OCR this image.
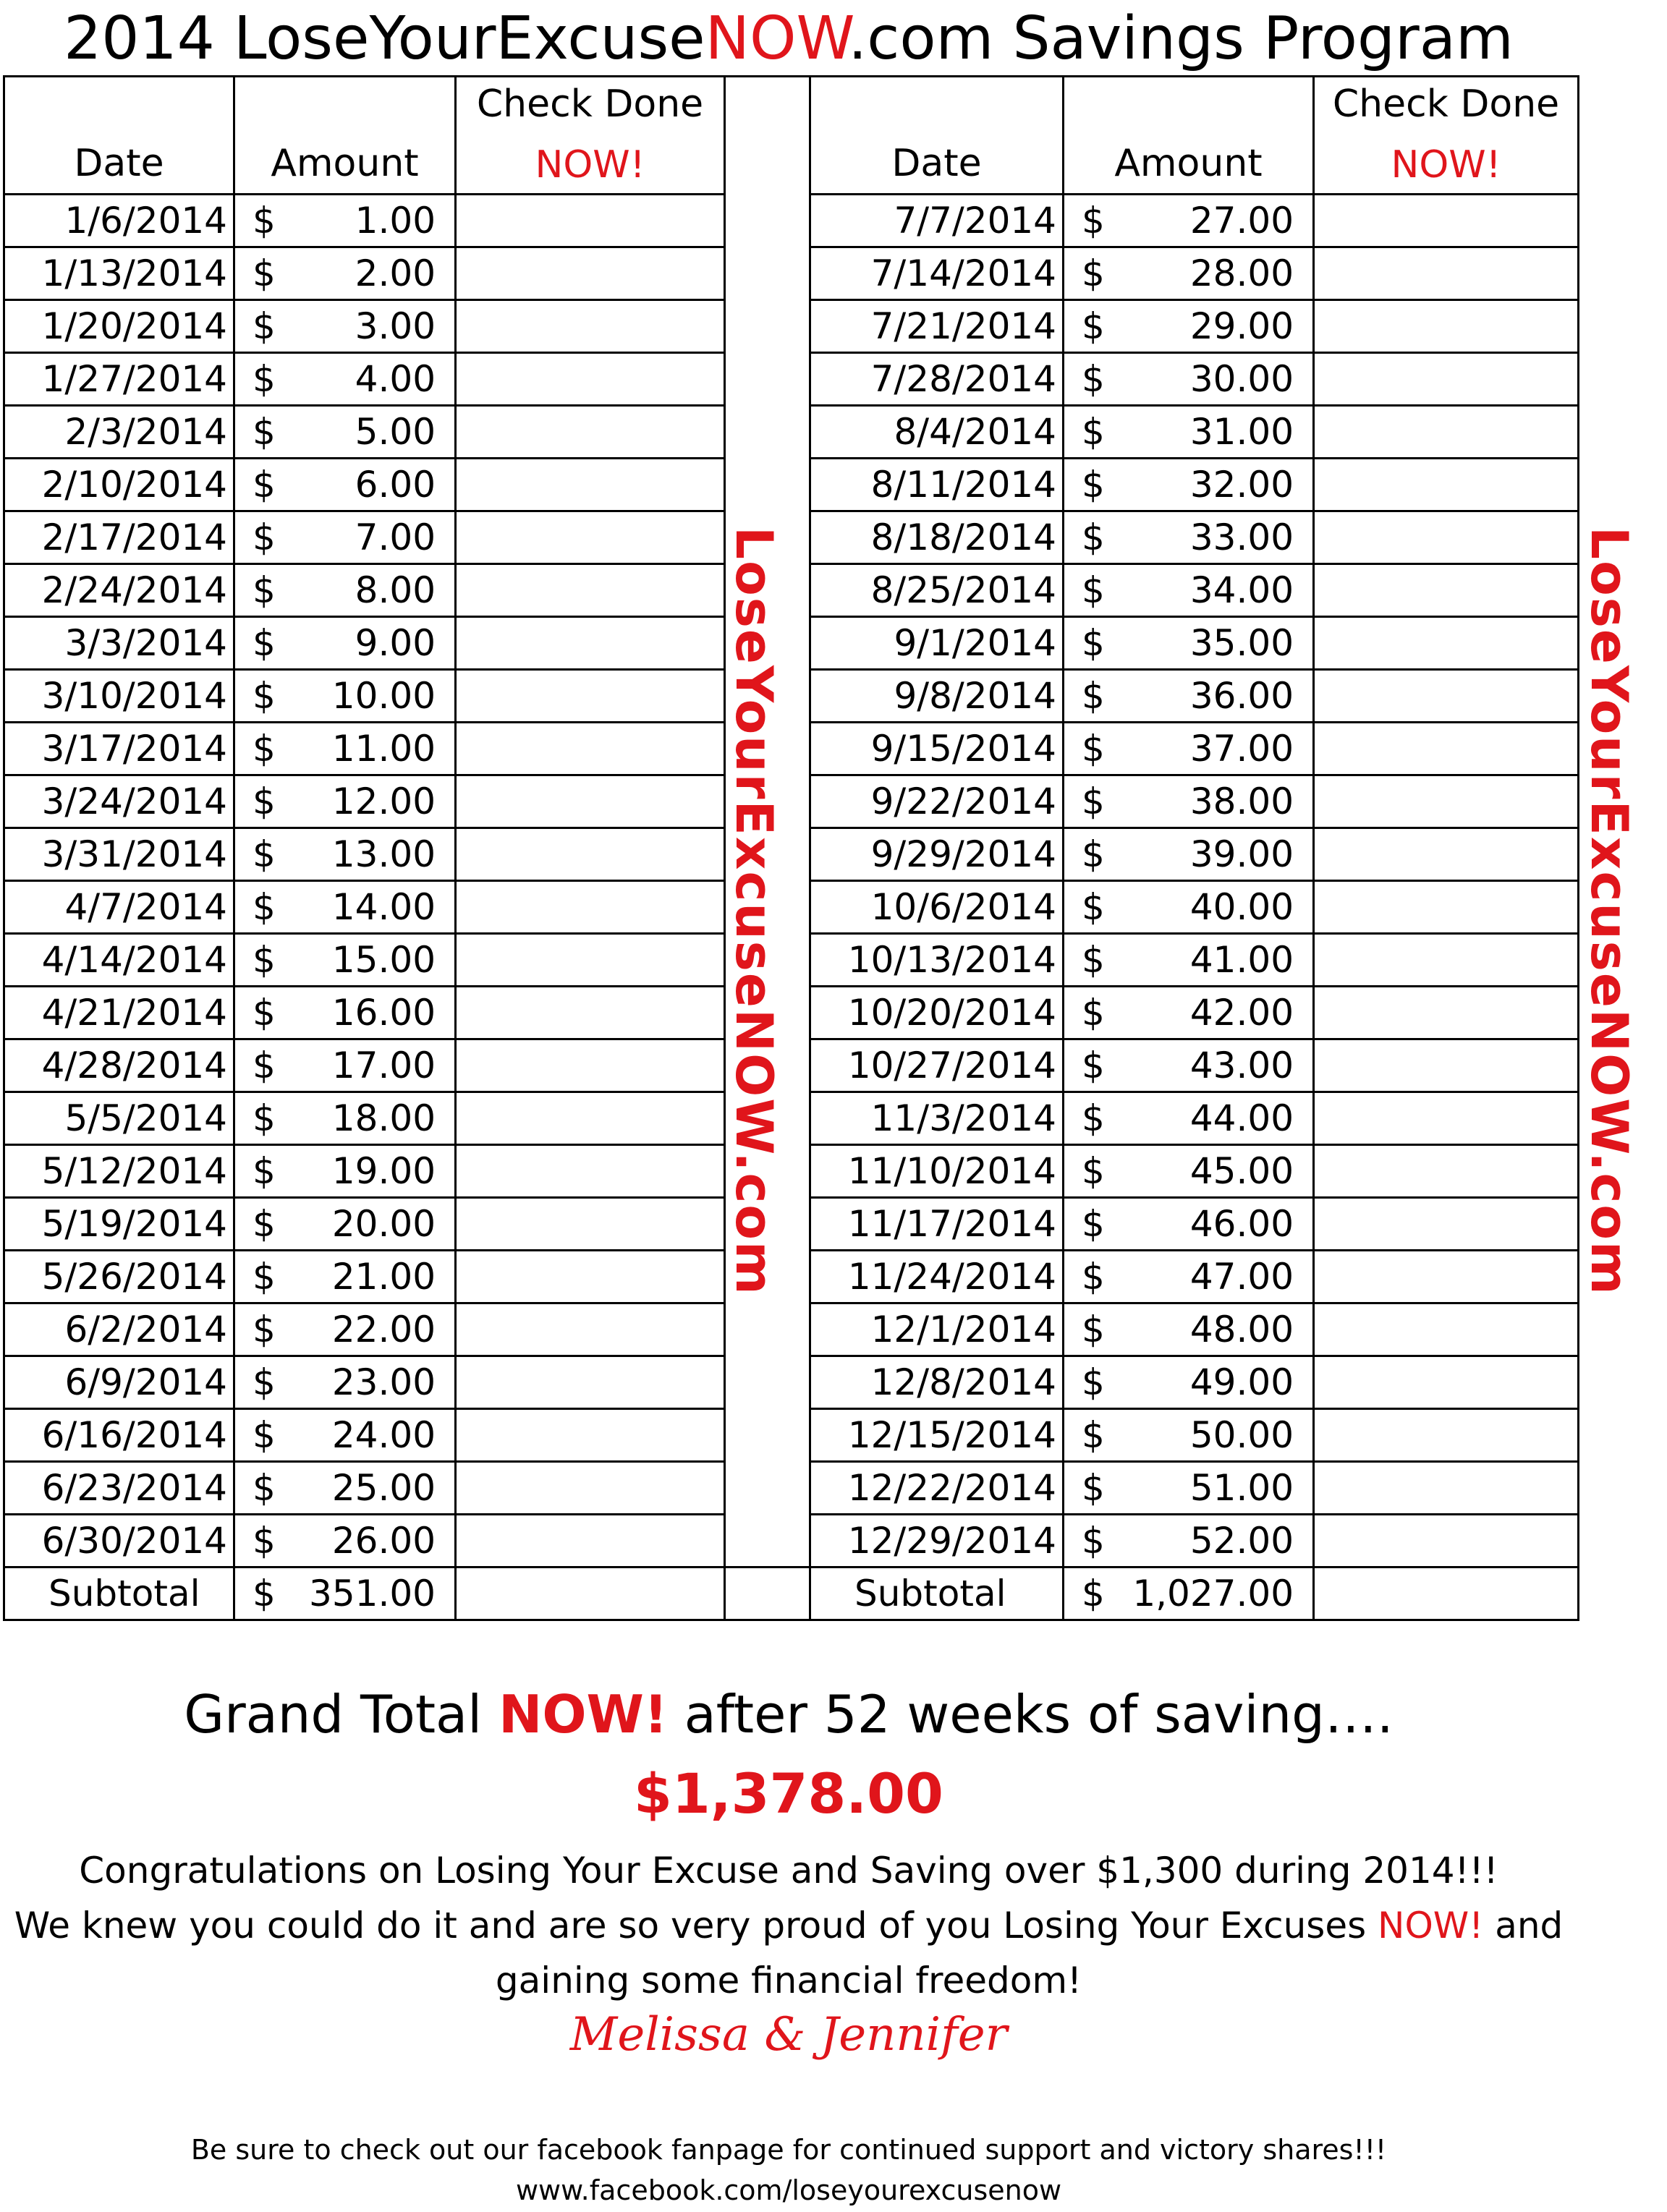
2014 LoseYourExcuseNOW.com Savings Program
Date	Amount	Check Done
NOW!		Date	Amount	Check Done
NOW!

1/6/2014	$ 1.00			7/7/2014	$ 27.00	

1/13/2014	$ 2.00			7/14/2014	$ 28.00	

1/20/2014	$ 3.00			7/21/2014	$ 29.00	

1/27/2014	$ 4.00			7/28/2014	$ 30.00	

2/3/2014	$ 5.00			8/4/2014	$ 31.00	

2/10/2014	$ 6.00			8/11/2014	$ 32.00	

2/17/2014	$ 7.00			8/18/2014	$ 33.00	

2/24/2014	$ 8.00			8/25/2014	$ 34.00	

3/3/2014	$ 9.00			9/1/2014	$ 35.00	

3/10/2014	$ 10.00			9/8/2014	$ 36.00	

3/17/2014	$ 11.00			9/15/2014	$ 37.00	

3/24/2014	$ 12.00			9/22/2014	$ 38.00	

3/31/2014	$ 13.00			9/29/2014	$ 39.00	

4/7/2014	$ 14.00			10/6/2014	$ 40.00	

4/14/2014	$ 15.00			10/13/2014	$ 41.00	

4/21/2014	$ 16.00			10/20/2014	$ 42.00	

4/28/2014	$ 17.00			10/27/2014	$ 43.00	

5/5/2014	$ 18.00			11/3/2014	$ 44.00	

5/12/2014	$ 19.00			11/10/2014	$ 45.00	

5/19/2014	$ 20.00			11/17/2014	$ 46.00	

5/26/2014	$ 21.00			11/24/2014	$ 47.00	

6/2/2014	$ 22.00			12/1/2014	$ 48.00	

6/9/2014	$ 23.00			12/8/2014	$ 49.00	

6/16/2014	$ 24.00			12/15/2014	$ 50.00	

6/23/2014	$ 25.00			12/22/2014	$ 51.00	

6/30/2014	$ 26.00			12/29/2014	$ 52.00	

Subtotal	$ 351.00			Subtotal	$ 1,027.00	

LoseYourExcuseNOW.com	LoseYourExcuseNOW.com
Grand Total NOW! after 52 weeks of saving….
$1,378.00
Congratulations on Losing Your Excuse and Saving over $1,300 during 2014!!!
We knew you could do it and are so very proud of you Losing Your Excuses NOW! and
gaining some financial freedom!
Melissa & Jennifer
Be sure to check out our facebook fanpage for continued support and victory shares!!!
www.facebook.com/loseyourexcusenow
